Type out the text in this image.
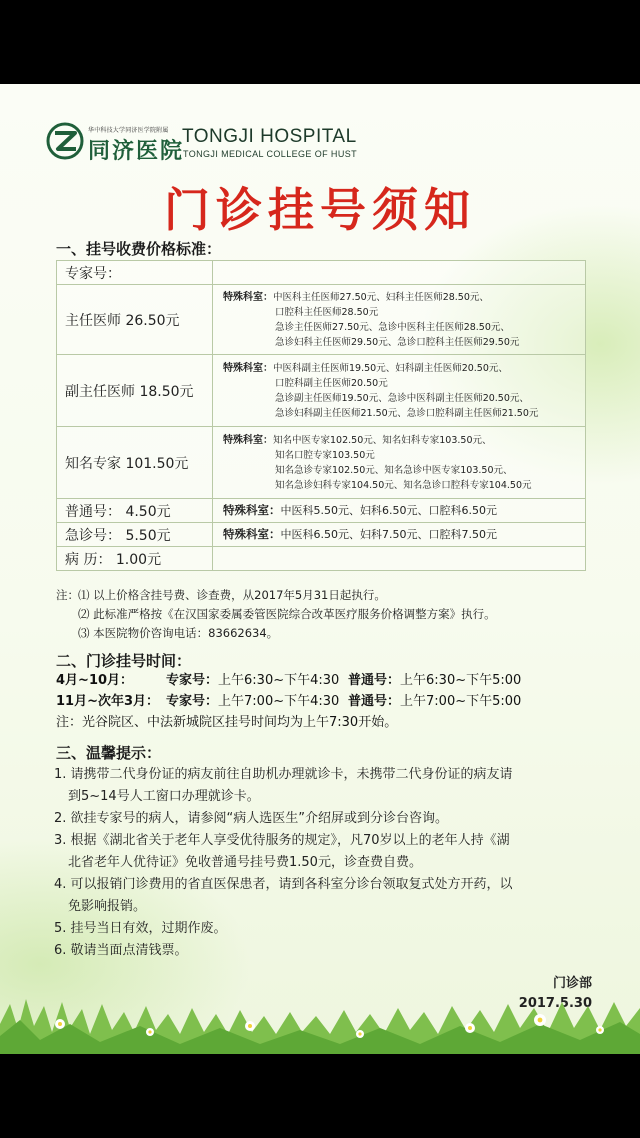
华中科技大学同济医学院附属
同济医院
TONGJI HOSPITAL
TONGJI MEDICAL COLLEGE OF HUST
门诊挂号须知
一、挂号收费价格标准：
专家号：	
主任医师 26.50元	特殊科室：中医科主任医师27.50元、妇科主任医师28.50元、
口腔科主任医师28.50元
急诊主任医师27.50元、急诊中医科主任医师28.50元、
急诊妇科主任医师29.50元、急诊口腔科主任医师29.50元

副主任医师 18.50元	特殊科室：中医科副主任医师19.50元、妇科副主任医师20.50元、
口腔科副主任医师20.50元
急诊副主任医师19.50元、急诊中医科副主任医师20.50元、
急诊妇科副主任医师21.50元、急诊口腔科副主任医师21.50元

知名专家 101.50元	特殊科室：知名中医专家102.50元、知名妇科专家103.50元、
知名口腔专家103.50元
知名急诊专家102.50元、知名急诊中医专家103.50元、
知名急诊妇科专家104.50元、知名急诊口腔科专家104.50元

普通号： 4.50元	特殊科室：中医科5.50元、妇科6.50元、口腔科6.50元
急诊号： 5.50元	特殊科室：中医科6.50元、妇科7.50元、口腔科7.50元
病 历： 1.00元	
注：⑴ 以上价格含挂号费、诊查费，从2017年5月31日起执行。
⑵ 此标准严格按《在汉国家委属委管医院综合改革医疗服务价格调整方案》执行。
⑶ 本医院物价咨询电话：83662634。
二、门诊挂号时间：
4月~10月：	专家号：上午6:30~下午4:30 普通号：上午6:30~下午5:00
11月~次年3月： 专家号：上午7:00~下午4:30 普通号：上午7:00~下午5:00
注：光谷院区、中法新城院区挂号时间均为上午7:30开始。
三、温馨提示：
1. 请携带二代身份证的病友前往自助机办理就诊卡，未携带二代身份证的病友请
到5~14号人工窗口办理就诊卡。
2. 欲挂专家号的病人，请参阅“病人选医生”介绍屏或到分诊台咨询。
3. 根据《湖北省关于老年人享受优待服务的规定》，凡70岁以上的老年人持《湖
北省老年人优待证》免收普通号挂号费1.50元，诊查费自费。
4. 可以报销门诊费用的省直医保患者，请到各科室分诊台领取复式处方开药，以
免影响报销。
5. 挂号当日有效，过期作废。
6. 敬请当面点清钱票。
门诊部
2017.5.30
